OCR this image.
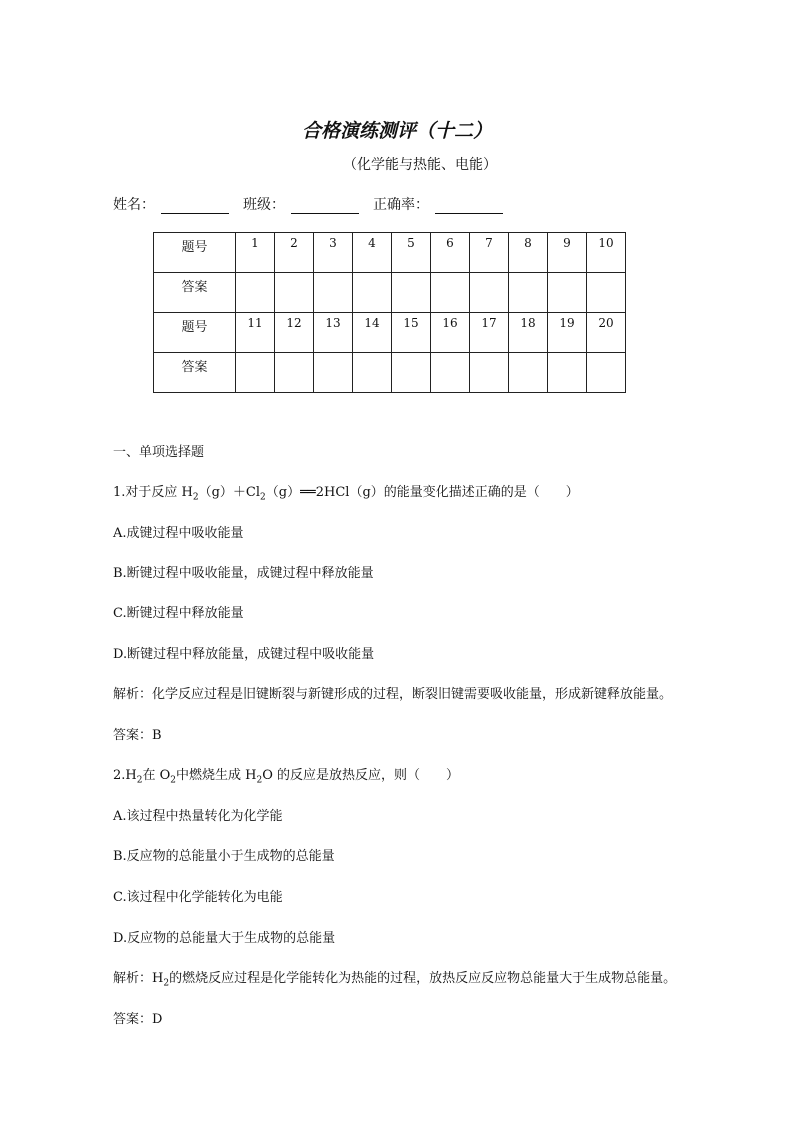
合格演练测评（十二）
（化学能与热能、电能）
姓名：	班级：	正确率：
题号	1	2	3	4	5	6	7	8	9	10
答案										
题号	11	12	13	14	15	16	17	18	19	20
答案										
一、单项选择题
1.对于反应 $H_2(g)+Cl_2(g)══2HCl(g)$的能量变化描述正确的是（　　）
A.成键过程中吸收能量
B.断键过程中吸收能量，成键过程中释放能量
C.断键过程中释放能量
D.断键过程中释放能量，成键过程中吸收能量
解析：化学反应过程是旧键断裂与新键形成的过程，断裂旧键需要吸收能量，形成新键释放能量。
答案：B
$2.H_2$在 $O_2$中燃烧生成 $H_2O$ 的反应是放热反应，则（　　）
A.该过程中热量转化为化学能
B.反应物的总能量小于生成物的总能量
C.该过程中化学能转化为电能
D.反应物的总能量大于生成物的总能量
解析：$H_2$的燃烧反应过程是化学能转化为热能的过程，放热反应反应物总能量大于生成物总能量。
答案：D
